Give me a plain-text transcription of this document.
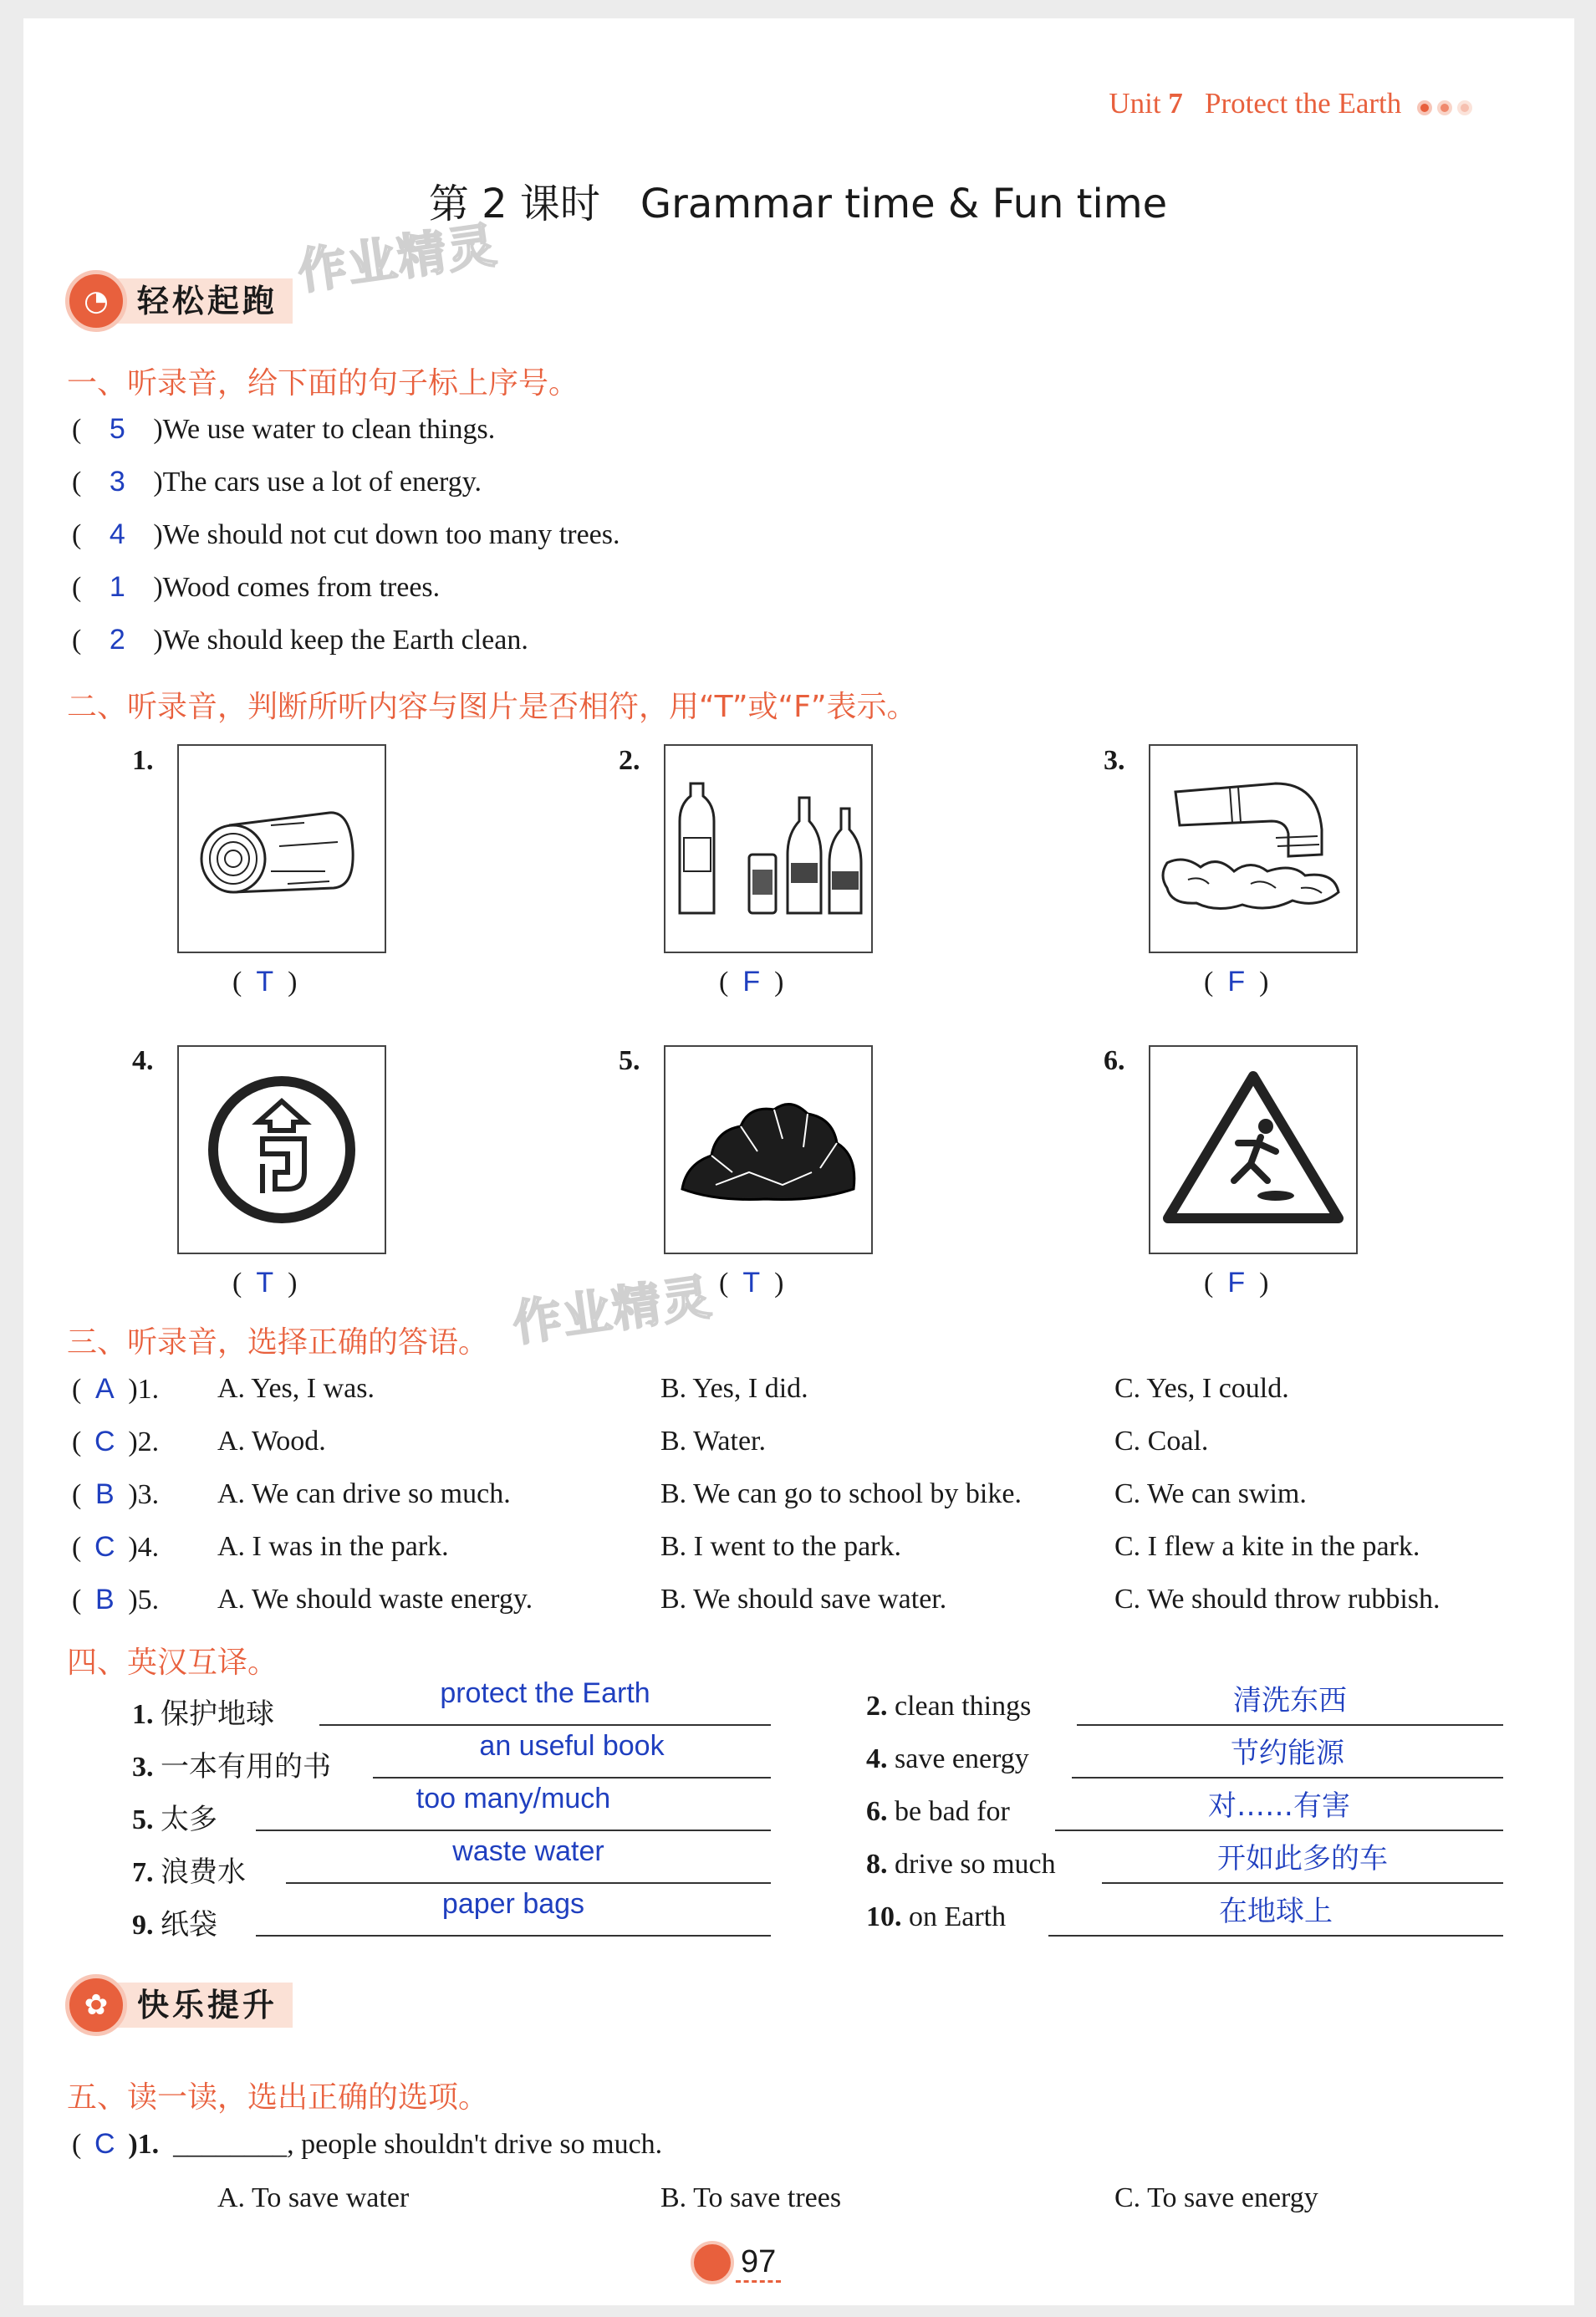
Unit 7 Protect the Earth
第 2 课时　Grammar time & Fun time
作业精灵
轻松起跑
◔
一、听录音，给下面的句子标上序号。
( 5 )We use water to clean things.
( 3 )The cars use a lot of energy.
( 4 )We should not cut down too many trees.
( 1 )Wood comes from trees.
( 2 )We should keep the Earth clean.
二、听录音，判断所听内容与图片是否相符，用“T”或“F”表示。
1.
(  T  )
2.
(  F  )
3.
(  F  )
4.
(  T  )
5.
(  T  )
6.
(  F  )
作业精灵
三、听录音，选择正确的答语。
( A )1. A. Yes, I was.	B. Yes, I did.	C. Yes, I could.
( C )2. A. Wood.	B. Water.	C. Coal.
( B )3. A. We can drive so much.	B. We can go to school by bike.	C. We can swim.
( C )4. A. I was in the park.	B. I went to the park.	C. I flew a kite in the park.
( B )5. A. We should waste energy.	B. We should save water.	C. We should throw rubbish.
四、英汉互译。
1. 保护地球
protect the Earth
3. 一本有用的书
an useful book
5. 太多
too many/much
7. 浪费水
waste water
9. 纸袋
paper bags
2. clean things	清洗东西
4. save energy	节约能源
6. be bad for	对……有害
8. drive so much	开如此多的车
10. on Earth	在地球上
快乐提升
✿
五、读一读，选出正确的选项。
( C )1. ________, people shouldn't drive so much.
A. To save water	B. To save trees	C. To save energy
97
